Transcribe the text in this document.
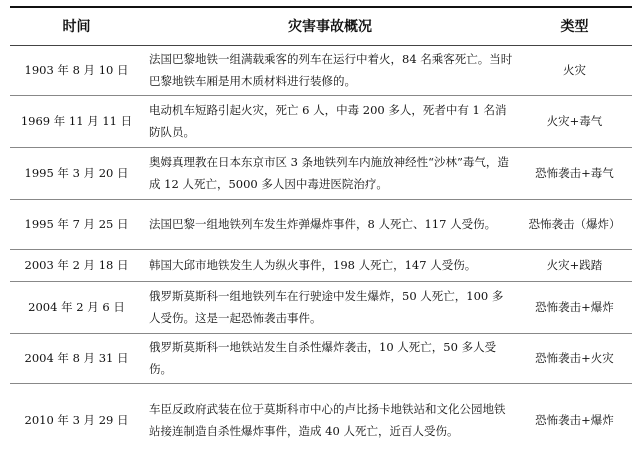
时间	灾害事故概况	类型
1903 年 8 月 10 日	法国巴黎地铁一组满载乘客的列车在运行中着火，84 名乘客死亡。当时巴黎地铁车厢是用木质材料进行装修的。	火灾
1969 年 11 月 11 日	电动机车短路引起火灾，死亡 6 人，中毒 200 多人，死者中有 1 名消防队员。	火灾+毒气
1995 年 3 月 20 日	奥姆真理教在日本东京市区 3 条地铁列车内施放神经性“沙林”毒气，造成 12 人死亡，5000 多人因中毒进医院治疗。	恐怖袭击+毒气
1995 年 7 月 25 日	法国巴黎一组地铁列车发生炸弹爆炸事件，8 人死亡、117 人受伤。	恐怖袭击（爆炸）
2003 年 2 月 18 日	韩国大邱市地铁发生人为纵火事件，198 人死亡，147 人受伤。	火灾+践踏
2004 年 2 月 6 日	俄罗斯莫斯科一组地铁列车在行驶途中发生爆炸，50 人死亡，100 多人受伤。这是一起恐怖袭击事件。	恐怖袭击+爆炸
2004 年 8 月 31 日	俄罗斯莫斯科一地铁站发生自杀性爆炸袭击，10 人死亡，50 多人受伤。	恐怖袭击+火灾
2010 年 3 月 29 日	车臣反政府武装在位于莫斯科市中心的卢比扬卡地铁站和文化公园地铁站接连制造自杀性爆炸事件，造成 40 人死亡，近百人受伤。	恐怖袭击+爆炸
